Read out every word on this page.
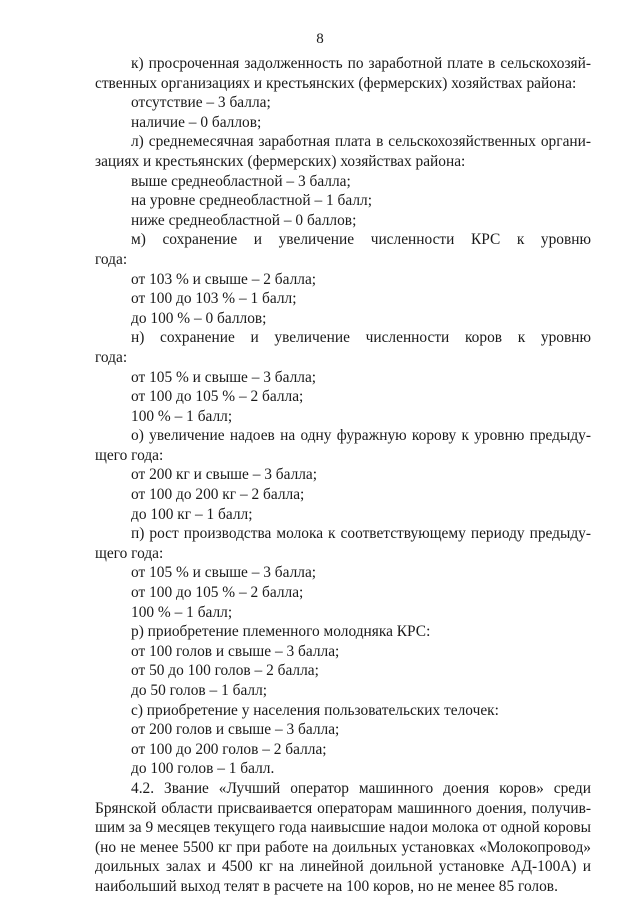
8
к) просроченная задолженность по заработной плате в сельскохозяй-
ственных организациях и крестьянских (фермерских) хозяйствах района:
отсутствие – 3 балла;
наличие – 0 баллов;
л) среднемесячная заработная плата в сельскохозяйственных органи-
зациях и крестьянских (фермерских) хозяйствах района:
выше среднеобластной – 3 балла;
на уровне среднеобластной – 1 балл;
ниже среднеобластной – 0 баллов;
м) сохранение и увеличение численности КРС к уровню
года:
от 103 % и свыше – 2 балла;
от 100 до 103 % – 1 балл;
до 100 % – 0 баллов;
н) сохранение и увеличение численности коров к уровню
года:
от 105 % и свыше – 3 балла;
от 100 до 105 % – 2 балла;
100 % – 1 балл;
о) увеличение надоев на одну фуражную корову к уровню предыду-
щего года:
от 200 кг и свыше – 3 балла;
от 100 до 200 кг – 2 балла;
до 100 кг – 1 балл;
п) рост производства молока к соответствующему периоду предыду-
щего года:
от 105 % и свыше – 3 балла;
от 100 до 105 % – 2 балла;
100 % – 1 балл;
р) приобретение племенного молодняка КРС:
от 100 голов и свыше – 3 балла;
от 50 до 100 голов – 2 балла;
до 50 голов – 1 балл;
с) приобретение у населения пользовательских телочек:
от 200 голов и свыше – 3 балла;
от 100 до 200 голов – 2 балла;
до 100 голов – 1 балл.
4.2. Звание «Лучший оператор машинного доения коров» среди
Брянской области присваивается операторам машинного доения, получив-
шим за 9 месяцев текущего года наивысшие надои молока от одной коровы
(но не менее 5500 кг при работе на доильных установках «Молокопровод»
доильных залах и 4500 кг на линейной доильной установке АД-100А) и
наибольший выход телят в расчете на 100 коров, но не менее 85 голов.
